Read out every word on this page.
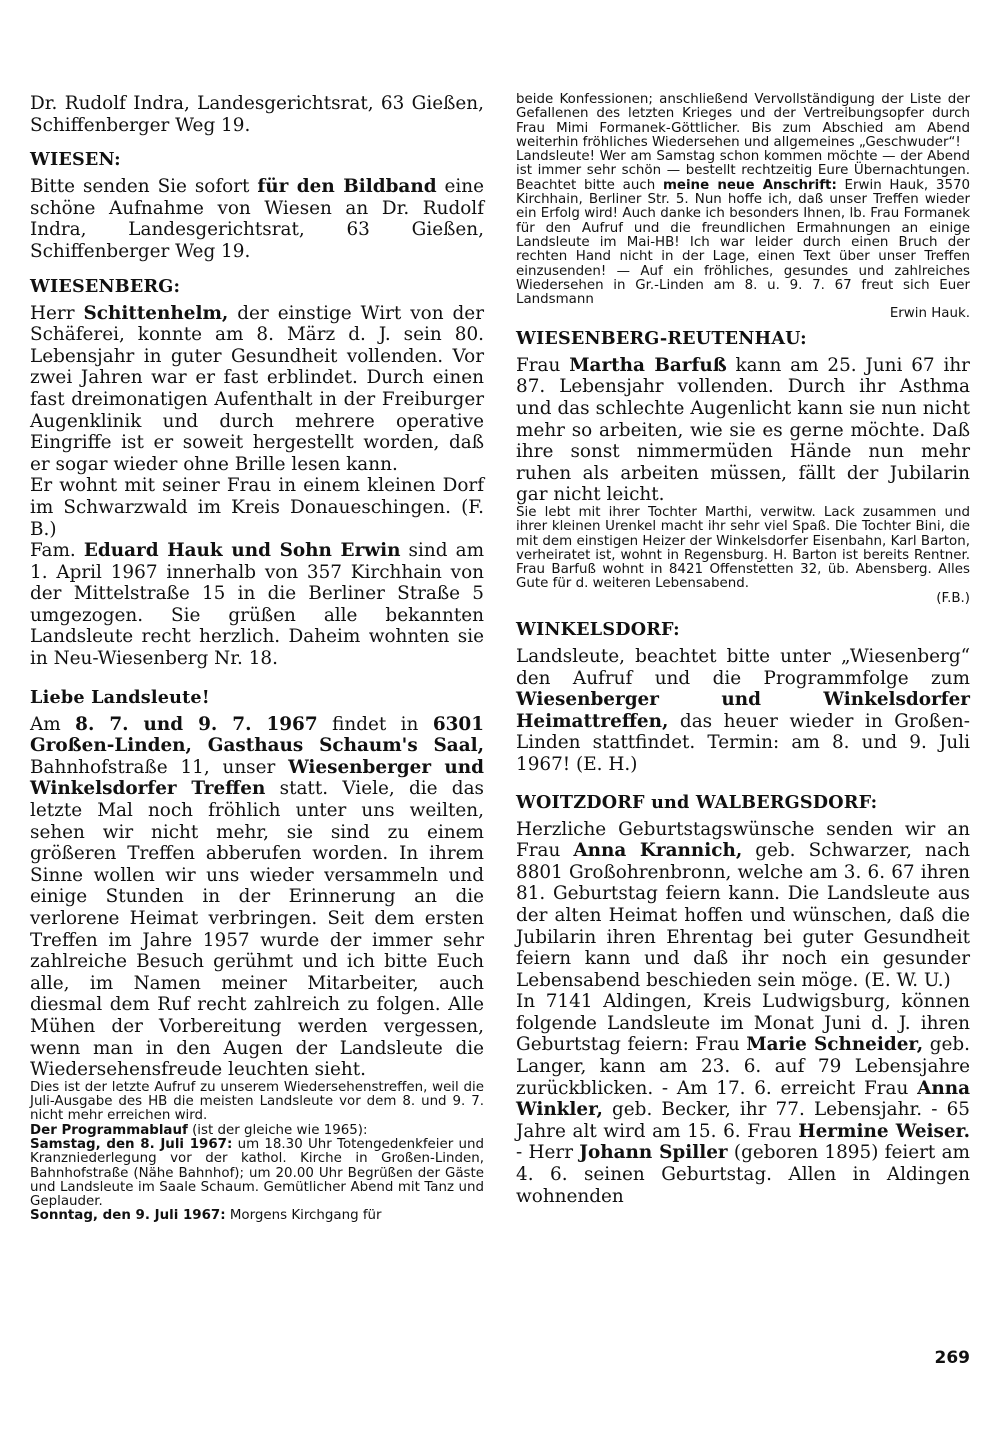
Dr. Rudolf Indra, Landesgerichtsrat, 63 Gießen, Schiffenberger Weg 19.

WIESEN:

Bitte senden Sie sofort für den Bildband eine schöne Aufnahme von Wiesen an Dr. Rudolf Indra, Landesgerichtsrat, 63 Gießen, Schiffenberger Weg 19.

WIESENBERG:

Herr Schittenhelm, der einstige Wirt von der Schäferei, konnte am 8. März d. J. sein 80. Lebensjahr in guter Gesundheit vollenden. Vor zwei Jahren war er fast erblindet. Durch einen fast dreimonatigen Aufenthalt in der Freiburger Augenklinik und durch mehrere operative Eingriffe ist er soweit hergestellt worden, daß er sogar wieder ohne Brille lesen kann.

Er wohnt mit seiner Frau in einem kleinen Dorf im Schwarzwald im Kreis Donaueschingen. (F. B.)

Fam. Eduard Hauk und Sohn Erwin sind am 1. April 1967 innerhalb von 357 Kirchhain von der Mittelstraße 15 in die Berliner Straße 5 umgezogen. Sie grüßen alle bekannten Landsleute recht herzlich. Daheim wohnten sie in Neu-Wiesenberg Nr. 18.

Liebe Landsleute!

Am 8. 7. und 9. 7. 1967 findet in 6301 Großen-Linden, Gasthaus Schaum's Saal, Bahnhofstraße 11, unser Wiesenberger und Winkelsdorfer Treffen statt. Viele, die das letzte Mal noch fröhlich unter uns weilten, sehen wir nicht mehr, sie sind zu einem größeren Treffen abberufen worden. In ihrem Sinne wollen wir uns wieder versammeln und einige Stunden in der Erinnerung an die verlorene Heimat verbringen. Seit dem ersten Treffen im Jahre 1957 wurde der immer sehr zahlreiche Besuch gerühmt und ich bitte Euch alle, im Namen meiner Mitarbeiter, auch diesmal dem Ruf recht zahlreich zu folgen. Alle Mühen der Vorbereitung werden vergessen, wenn man in den Augen der Landsleute die Wiedersehensfreude leuchten sieht.

Dies ist der letzte Aufruf zu unserem Wiedersehenstreffen, weil die Juli-Ausgabe des HB die meisten Landsleute vor dem 8. und 9. 7. nicht mehr erreichen wird.

Der Programmablauf (ist der gleiche wie 1965):

Samstag, den 8. Juli 1967: um 18.30 Uhr Totengedenkfeier und Kranzniederlegung vor der kathol. Kirche in Großen-Linden, Bahnhofstraße (Nähe Bahnhof); um 20.00 Uhr Begrüßen der Gäste und Landsleute im Saale Schaum. Gemütlicher Abend mit Tanz und Geplauder.

Sonntag, den 9. Juli 1967: Morgens Kirchgang für

beide Konfessionen; anschließend Vervollständigung der Liste der Gefallenen des letzten Krieges und der Vertreibungsopfer durch Frau Mimi Formanek-Göttlicher. Bis zum Abschied am Abend weiterhin fröhliches Wiedersehen und allgemeines „Geschwuder“!

Landsleute! Wer am Samstag schon kommen möchte — der Abend ist immer sehr schön — bestellt rechtzeitig Eure Übernachtungen. Beachtet bitte auch meine neue Anschrift: Erwin Hauk, 3570 Kirchhain, Berliner Str. 5. Nun hoffe ich, daß unser Treffen wieder ein Erfolg wird! Auch danke ich besonders Ihnen, lb. Frau Formanek für den Aufruf und die freundlichen Ermahnungen an einige Landsleute im Mai-HB! Ich war leider durch einen Bruch der rechten Hand nicht in der Lage, einen Text über unser Treffen einzusenden! — Auf ein fröhliches, gesundes und zahlreiches Wiedersehen in Gr.-Linden am 8. u. 9. 7. 67 freut sich Euer Landsmann

Erwin Hauk.

WIESENBERG-REUTENHAU:

Frau Martha Barfuß kann am 25. Juni 67 ihr 87. Lebensjahr vollenden. Durch ihr Asthma und das schlechte Augenlicht kann sie nun nicht mehr so arbeiten, wie sie es gerne möchte. Daß ihre sonst nimmermüden Hände nun mehr ruhen als arbeiten müssen, fällt der Jubilarin gar nicht leicht.

Sie lebt mit ihrer Tochter Marthi, verwitw. Lack zusammen und ihrer kleinen Urenkel macht ihr sehr viel Spaß. Die Tochter Bini, die mit dem einstigen Heizer der Winkelsdorfer Eisenbahn, Karl Barton, verheiratet ist, wohnt in Regensburg. H. Barton ist bereits Rentner. Frau Barfuß wohnt in 8421 Offenstetten 32, üb. Abensberg. Alles Gute für d. weiteren Lebensabend.

(F.B.)

WINKELSDORF:

Landsleute, beachtet bitte unter „Wiesenberg“ den Aufruf und die Programmfolge zum Wiesenberger und Winkelsdorfer Heimattreffen, das heuer wieder in Großen-Linden stattfindet. Termin: am 8. und 9. Juli 1967! (E. H.)

WOITZDORF und WALBERGSDORF:

Herzliche Geburtstagswünsche senden wir an Frau Anna Krannich, geb. Schwarzer, nach 8801 Großohrenbronn, welche am 3. 6. 67 ihren 81. Geburtstag feiern kann. Die Landsleute aus der alten Heimat hoffen und wünschen, daß die Jubilarin ihren Ehrentag bei guter Gesundheit feiern kann und daß ihr noch ein gesunder Lebensabend beschieden sein möge. (E. W. U.)

In 7141 Aldingen, Kreis Ludwigsburg, können folgende Landsleute im Monat Juni d. J. ihren Geburtstag feiern: Frau Marie Schneider, geb. Langer, kann am 23. 6. auf 79 Lebensjahre zurückblicken. - Am 17. 6. erreicht Frau Anna Winkler, geb. Becker, ihr 77. Lebensjahr. - 65 Jahre alt wird am 15. 6. Frau Hermine Weiser. - Herr Johann Spiller (geboren 1895) feiert am 4. 6. seinen Geburtstag. Allen in Aldingen wohnenden

269
